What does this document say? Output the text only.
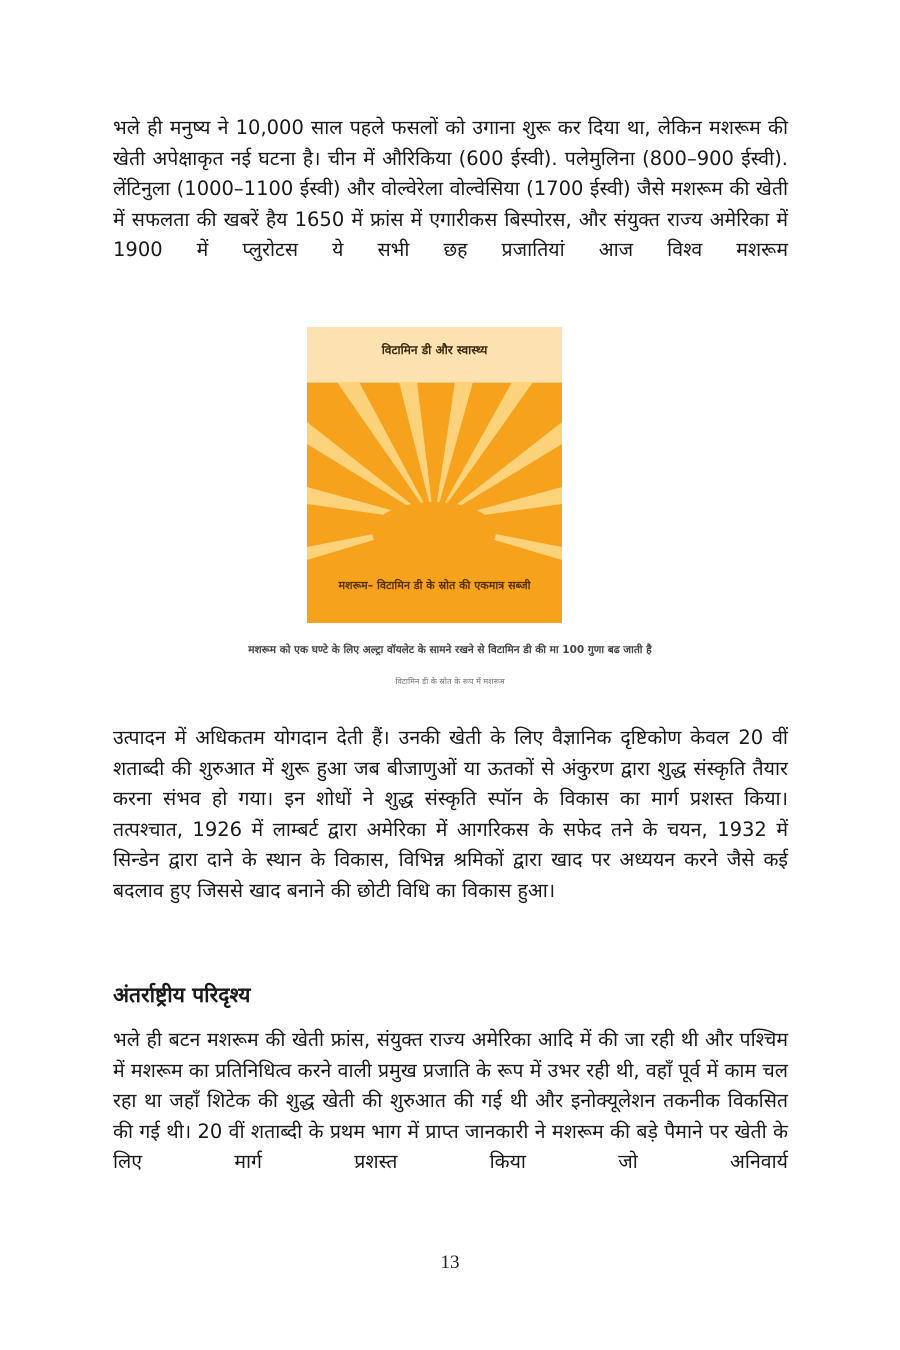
भले ही मनुष्य ने 10,000 साल पहले फसलों को उगाना शुरू कर दिया था, लेकिन मशरूम की खेती अपेक्षाकृत नई घटना है। चीन में औरिकिया (600 ईस्वी). पलेमुलिना (800–900 ईस्वी). लेंटिनुला (1000–1100 ईस्वी) और वोल्वेरेला वोल्वेसिया (1700 ईस्वी) जैसे मशरूम की खेती में सफलता की खबरें हैय 1650 में फ्रांस में एगारीकस बिस्पोरस, और संयुक्त राज्य अमेरिका में 1900 में प्लुरोटस ये सभी छह प्रजातियां आज विश्व मशरूम

विटामिन डी और स्वास्थ्य
मशरूम– विटामिन डी के स्रोत की एकमात्र सब्जी

मशरूम को एक घण्टे के लिए अल्ट्रा वॉयलेट के सामने रखने से विटामिन डी की मा 100 गुणा बढ जाती है

विटामिन डी के स्रोत के रूप में मशरूम

उत्पादन में अधिकतम योगदान देती हैं। उनकी खेती के लिए वैज्ञानिक दृष्टिकोण केवल 20 वीं शताब्दी की शुरुआत में शुरू हुआ जब बीजाणुओं या ऊतकों से अंकुरण द्वारा शुद्ध संस्कृति तैयार करना संभव हो गया। इन शोधों ने शुद्ध संस्कृति स्पॉन के विकास का मार्ग प्रशस्त किया। तत्पश्चात, 1926 में लाम्बर्ट द्वारा अमेरिका में आगरिकस के सफेद तने के चयन, 1932 में सिन्डेन द्वारा दाने के स्थान के विकास, विभिन्न श्रमिकों द्वारा खाद पर अध्ययन करने जैसे कई बदलाव हुए जिससे खाद बनाने की छोटी विधि का विकास हुआ।

अंतर्राष्ट्रीय परिदृश्य

भले ही बटन मशरूम की खेती फ्रांस, संयुक्त राज्य अमेरिका आदि में की जा रही थी और पश्चिम में मशरूम का प्रतिनिधित्व करने वाली प्रमुख प्रजाति के रूप में उभर रही थी, वहाँ पूर्व में काम चल रहा था जहाँ शिटेक की शुद्ध खेती की शुरुआत की गई थी और इनोक्यूलेशन तकनीक विकसित की गई थी। 20 वीं शताब्दी के प्रथम भाग में प्राप्त जानकारी ने मशरूम की बड़े पैमाने पर खेती के लिए मार्ग प्रशस्त किया जो अनिवार्य

13
